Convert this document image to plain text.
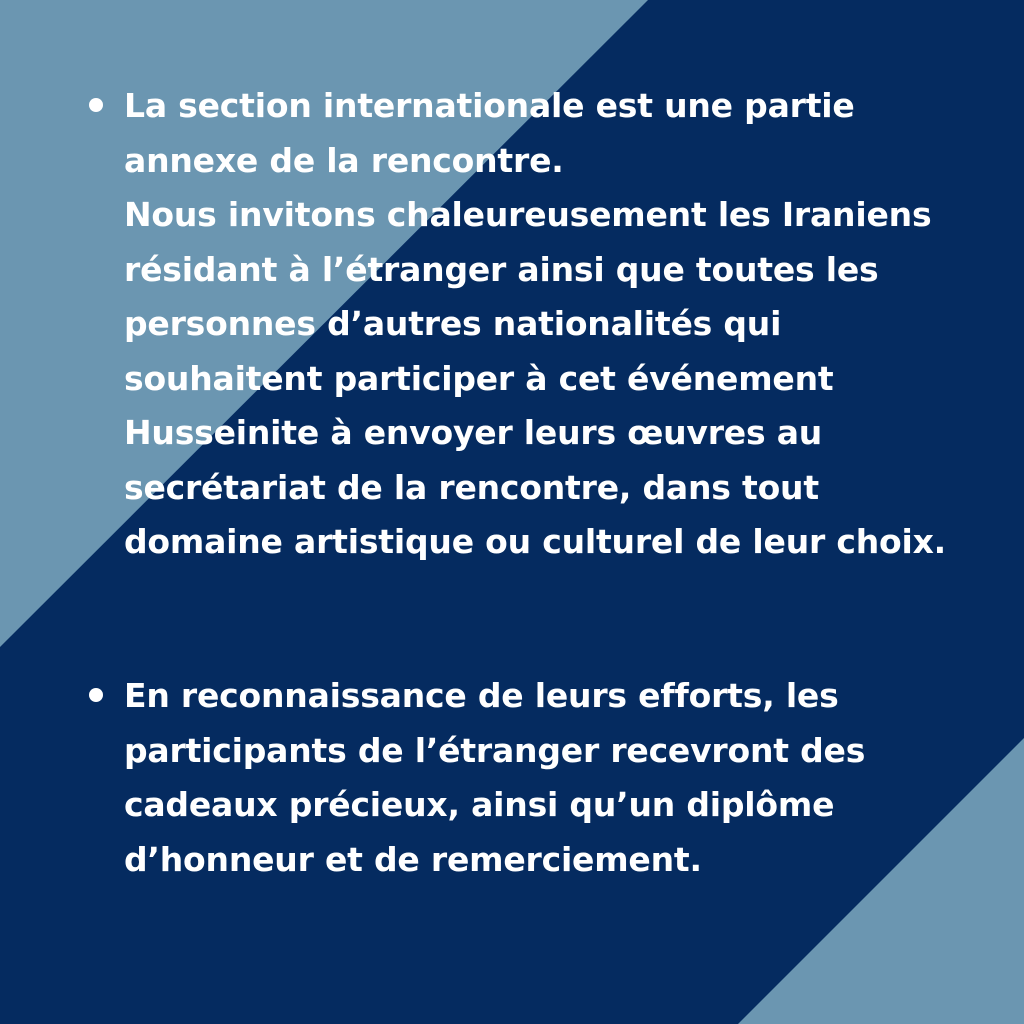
La section internationale est une partie
annexe de la rencontre.
Nous invitons chaleureusement les Iraniens
résidant à l’étranger ainsi que toutes les
personnes d’autres nationalités qui
souhaitent participer à cet événement
Husseinite à envoyer leurs œuvres au
secrétariat de la rencontre, dans tout
domaine artistique ou culturel de leur choix.
En reconnaissance de leurs efforts, les
participants de l’étranger recevront des
cadeaux précieux, ainsi qu’un diplôme
d’honneur et de remerciement.
